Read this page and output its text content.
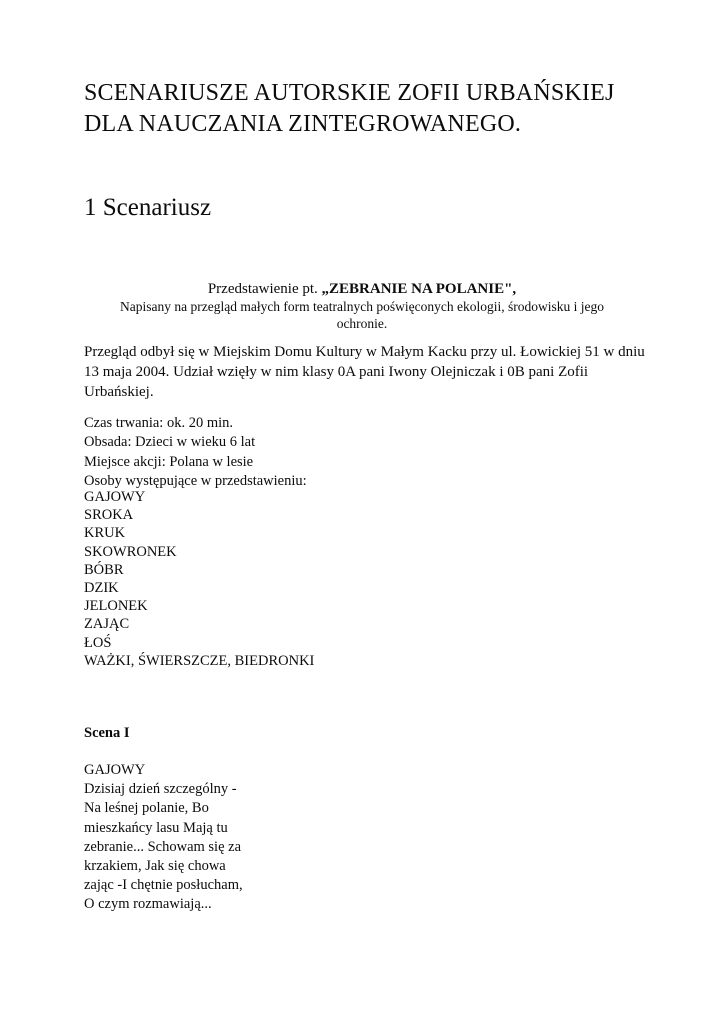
SCENARIUSZE AUTORSKIE ZOFII URBAŃSKIEJ
DLA NAUCZANIA ZINTEGROWANEGO.
1 Scenariusz
Przedstawienie pt. „ZEBRANIE NA POLANIE",
Napisany na przegląd małych form teatralnych poświęconych ekologii, środowisku i jego
ochronie.
Przegląd odbył się w Miejskim Domu Kultury w Małym Kacku przy ul. Łowickiej 51 w dniu
13 maja 2004. Udział wzięły w nim klasy 0A pani Iwony Olejniczak i 0B pani Zofii
Urbańskiej.
Czas trwania: ok. 20 min.
Obsada: Dzieci w wieku 6 lat
Miejsce akcji: Polana w lesie
Osoby występujące w przedstawieniu:
GAJOWY
SROKA
KRUK
SKOWRONEK
BÓBR
DZIK
JELONEK
ZAJĄC
ŁOŚ
WAŻKI, ŚWIERSZCZE, BIEDRONKI
Scena I
GAJOWY
Dzisiaj dzień szczególny -
Na leśnej polanie, Bo
mieszkańcy lasu Mają tu
zebranie... Schowam się za
krzakiem, Jak się chowa
zając -I chętnie posłucham,
O czym rozmawiają...
